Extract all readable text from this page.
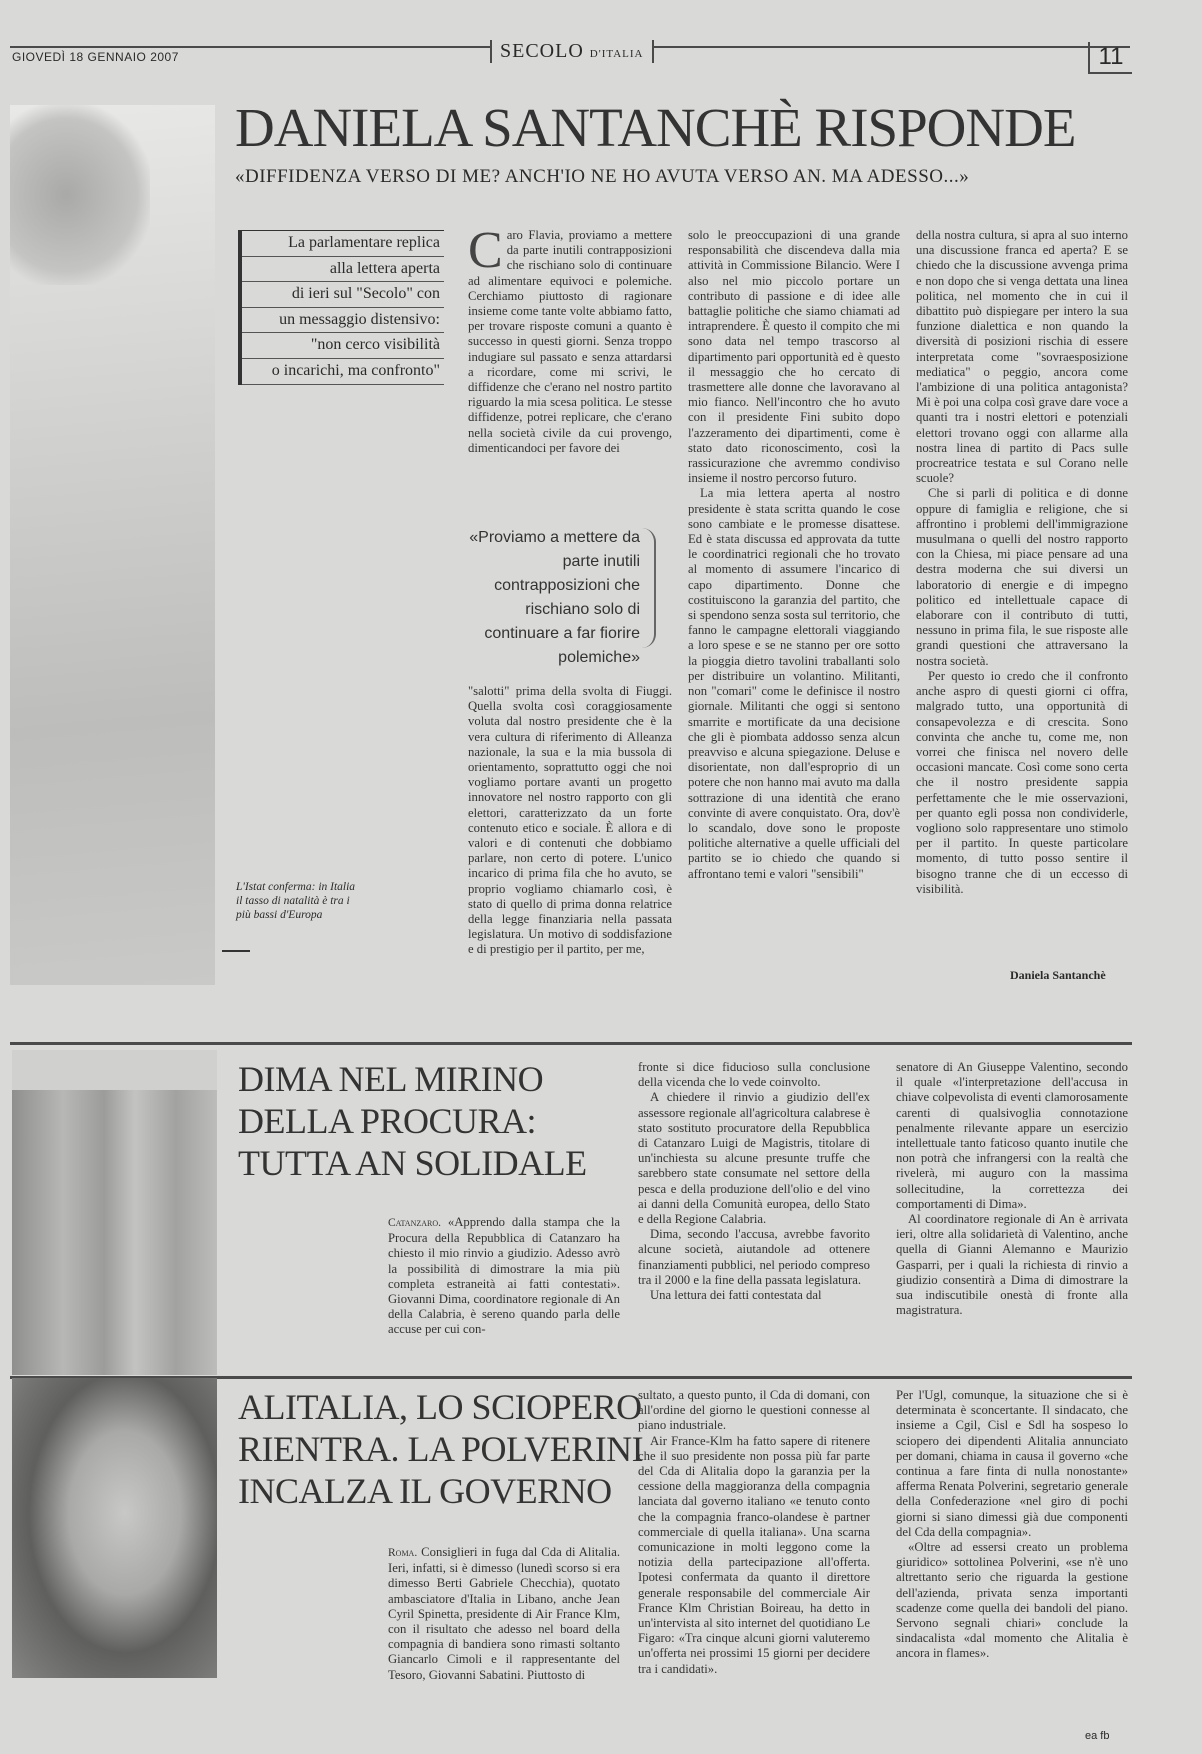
GIOVEDÌ 18 GENNAIO 2007	SECOLO D'ITALIA	11
DANIELA SANTANCHÈ RISPONDE
«DIFFIDENZA VERSO DI ME? ANCH'IO NE HO AVUTA VERSO AN. MA ADESSO...»
La parlamentare replica
alla lettera aperta
di ieri sul "Secolo" con
un messaggio distensivo:
"non cerco visibilità
o incarichi, ma confronto"
L'Istat conferma: in Italia il tasso di natalità è tra i più bassi d'Europa

Caro Flavia, proviamo a mettere da parte inutili contrapposizioni che rischiano solo di continuare ad alimentare equivoci e polemiche. Cerchiamo piuttosto di ragionare insieme come tante volte abbiamo fatto, per trovare risposte comuni a quanto è successo in questi giorni. Senza troppo indugiare sul passato e senza attardarsi a ricordare, come mi scrivi, le diffidenze che c'erano nel nostro partito riguardo la mia scesa politica. Le stesse diffidenze, potrei replicare, che c'erano nella società civile da cui provengo, dimenticandoci per favore dei

«Proviamo a mettere da parte inutili contrapposizioni che rischiano solo di continuare a far fiorire polemiche»

"salotti" prima della svolta di Fiuggi. Quella svolta così coraggiosamente voluta dal nostro presidente che è la vera cultura di riferimento di Alleanza nazionale, la sua e la mia bussola di orientamento, soprattutto oggi che noi vogliamo portare avanti un progetto innovatore nel nostro rapporto con gli elettori, caratterizzato da un forte contenuto etico e sociale. È allora e di valori e di contenuti che dobbiamo parlare, non certo di potere. L'unico incarico di prima fila che ho avuto, se proprio vogliamo chiamarlo così, è stato di quello di prima donna relatrice della legge finanziaria nella passata legislatura. Un motivo di soddisfazione e di prestigio per il partito, per me,

solo le preoccupazioni di una grande responsabilità che discendeva dalla mia attività in Commissione Bilancio. Were I also nel mio piccolo portare un contributo di passione e di idee alle battaglie politiche che siamo chiamati ad intraprendere. È questo il compito che mi sono data nel tempo trascorso al dipartimento pari opportunità ed è questo il messaggio che ho cercato di trasmettere alle donne che lavoravano al mio fianco. Nell'incontro che ho avuto con il presidente Fini subito dopo l'azzeramento dei dipartimenti, come è stato dato riconoscimento, così la rassicurazione che avremmo condiviso insieme il nostro percorso futuro.

La mia lettera aperta al nostro presidente è stata scritta quando le cose sono cambiate e le promesse disattese. Ed è stata discussa ed approvata da tutte le coordinatrici regionali che ho trovato al momento di assumere l'incarico di capo dipartimento. Donne che costituiscono la garanzia del partito, che si spendono senza sosta sul territorio, che fanno le campagne elettorali viaggiando a loro spese e se ne stanno per ore sotto la pioggia dietro tavolini traballanti solo per distribuire un volantino. Militanti, non "comari" come le definisce il nostro giornale. Militanti che oggi si sentono smarrite e mortificate da una decisione che gli è piombata addosso senza alcun preavviso e alcuna spiegazione. Deluse e disorientate, non dall'esproprio di un potere che non hanno mai avuto ma dalla sottrazione di una identità che erano convinte di avere conquistato. Ora, dov'è lo scandalo, dove sono le proposte politiche alternative a quelle ufficiali del partito se io chiedo che quando si affrontano temi e valori "sensibili"

della nostra cultura, si apra al suo interno una discussione franca ed aperta? E se chiedo che la discussione avvenga prima e non dopo che si venga dettata una linea politica, nel momento che in cui il dibattito può dispiegare per intero la sua funzione dialettica e non quando la diversità di posizioni rischia di essere interpretata come "sovraesposizione mediatica" o peggio, ancora come l'ambizione di una politica antagonista? Mi è poi una colpa così grave dare voce a quanti tra i nostri elettori e potenziali elettori trovano oggi con allarme alla nostra linea di partito di Pacs sulle procreatrice testata e sul Corano nelle scuole?

Che si parli di politica e di donne oppure di famiglia e religione, che si affrontino i problemi dell'immigrazione musulmana o quelli del nostro rapporto con la Chiesa, mi piace pensare ad una destra moderna che sui diversi un laboratorio di energie e di impegno politico ed intellettuale capace di elaborare con il contributo di tutti, nessuno in prima fila, le sue risposte alle grandi questioni che attraversano la nostra società.

Per questo io credo che il confronto anche aspro di questi giorni ci offra, malgrado tutto, una opportunità di consapevolezza e di crescita. Sono convinta che anche tu, come me, non vorrei che finisca nel novero delle occasioni mancate. Così come sono certa che il nostro presidente sappia perfettamente che le mie osservazioni, per quanto egli possa non condividerle, vogliono solo rappresentare uno stimolo per il partito. In queste particolare momento, di tutto posso sentire il bisogno tranne che di un eccesso di visibilità.

Daniela Santanchè
DIMA NEL MIRINO
DELLA PROCURA:
TUTTA AN SOLIDALE

Catanzaro. «Apprendo dalla stampa che la Procura della Repubblica di Catanzaro ha chiesto il mio rinvio a giudizio. Adesso avrò la possibilità di dimostrare la mia più completa estraneità ai fatti contestati». Giovanni Dima, coordinatore regionale di An della Calabria, è sereno quando parla delle accuse per cui con-

fronte si dice fiducioso sulla conclusione della vicenda che lo vede coinvolto.

A chiedere il rinvio a giudizio dell'ex assessore regionale all'agricoltura calabrese è stato sostituto procuratore della Repubblica di Catanzaro Luigi de Magistris, titolare di un'inchiesta su alcune presunte truffe che sarebbero state consumate nel settore della pesca e della produzione dell'olio e del vino ai danni della Comunità europea, dello Stato e della Regione Calabria.

Dima, secondo l'accusa, avrebbe favorito alcune società, aiutandole ad ottenere finanziamenti pubblici, nel periodo compreso tra il 2000 e la fine della passata legislatura.

Una lettura dei fatti contestata dal

senatore di An Giuseppe Valentino, secondo il quale «l'interpretazione dell'accusa in chiave colpevolista di eventi clamorosamente carenti di qualsivoglia connotazione penalmente rilevante appare un esercizio intellettuale tanto faticoso quanto inutile che non potrà che infrangersi con la realtà che rivelerà, mi auguro con la massima sollecitudine, la correttezza dei comportamenti di Dima».

Al coordinatore regionale di An è arrivata ieri, oltre alla solidarietà di Valentino, anche quella di Gianni Alemanno e Maurizio Gasparri, per i quali la richiesta di rinvio a giudizio consentirà a Dima di dimostrare la sua indiscutibile onestà di fronte alla magistratura.

ALITALIA, LO SCIOPERO
RIENTRA. LA POLVERINI
INCALZA IL GOVERNO

Roma. Consiglieri in fuga dal Cda di Alitalia. Ieri, infatti, si è dimesso (lunedì scorso si era dimesso Berti Gabriele Checchia), quotato ambasciatore d'Italia in Libano, anche Jean Cyril Spinetta, presidente di Air France Klm, con il risultato che adesso nel board della compagnia di bandiera sono rimasti soltanto Giancarlo Cimoli e il rappresentante del Tesoro, Giovanni Sabatini. Piuttosto di

sultato, a questo punto, il Cda di domani, con all'ordine del giorno le questioni connesse al piano industriale.

Air France-Klm ha fatto sapere di ritenere che il suo presidente non possa più far parte del Cda di Alitalia dopo la garanzia per la cessione della maggioranza della compagnia lanciata dal governo italiano «e tenuto conto che la compagnia franco-olandese è partner commerciale di quella italiana». Una scarna comunicazione in molti leggono come la notizia della partecipazione all'offerta. Ipotesi confermata da quanto il direttore generale responsabile del commerciale Air France Klm Christian Boireau, ha detto in un'intervista al sito internet del quotidiano Le Figaro: «Tra cinque alcuni giorni valuteremo un'offerta nei prossimi 15 giorni per decidere tra i candidati».

Per l'Ugl, comunque, la situazione che si è determinata è sconcertante. Il sindacato, che insieme a Cgil, Cisl e Sdl ha sospeso lo sciopero dei dipendenti Alitalia annunciato per domani, chiama in causa il governo «che continua a fare finta di nulla nonostante» afferma Renata Polverini, segretario generale della Confederazione «nel giro di pochi giorni si siano dimessi già due componenti del Cda della compagnia».

«Oltre ad essersi creato un problema giuridico» sottolinea Polverini, «se n'è uno altrettanto serio che riguarda la gestione dell'azienda, privata senza importanti scadenze come quella dei bandoli del piano. Servono segnali chiari» conclude la sindacalista «dal momento che Alitalia è ancora in flames».

ea fb
